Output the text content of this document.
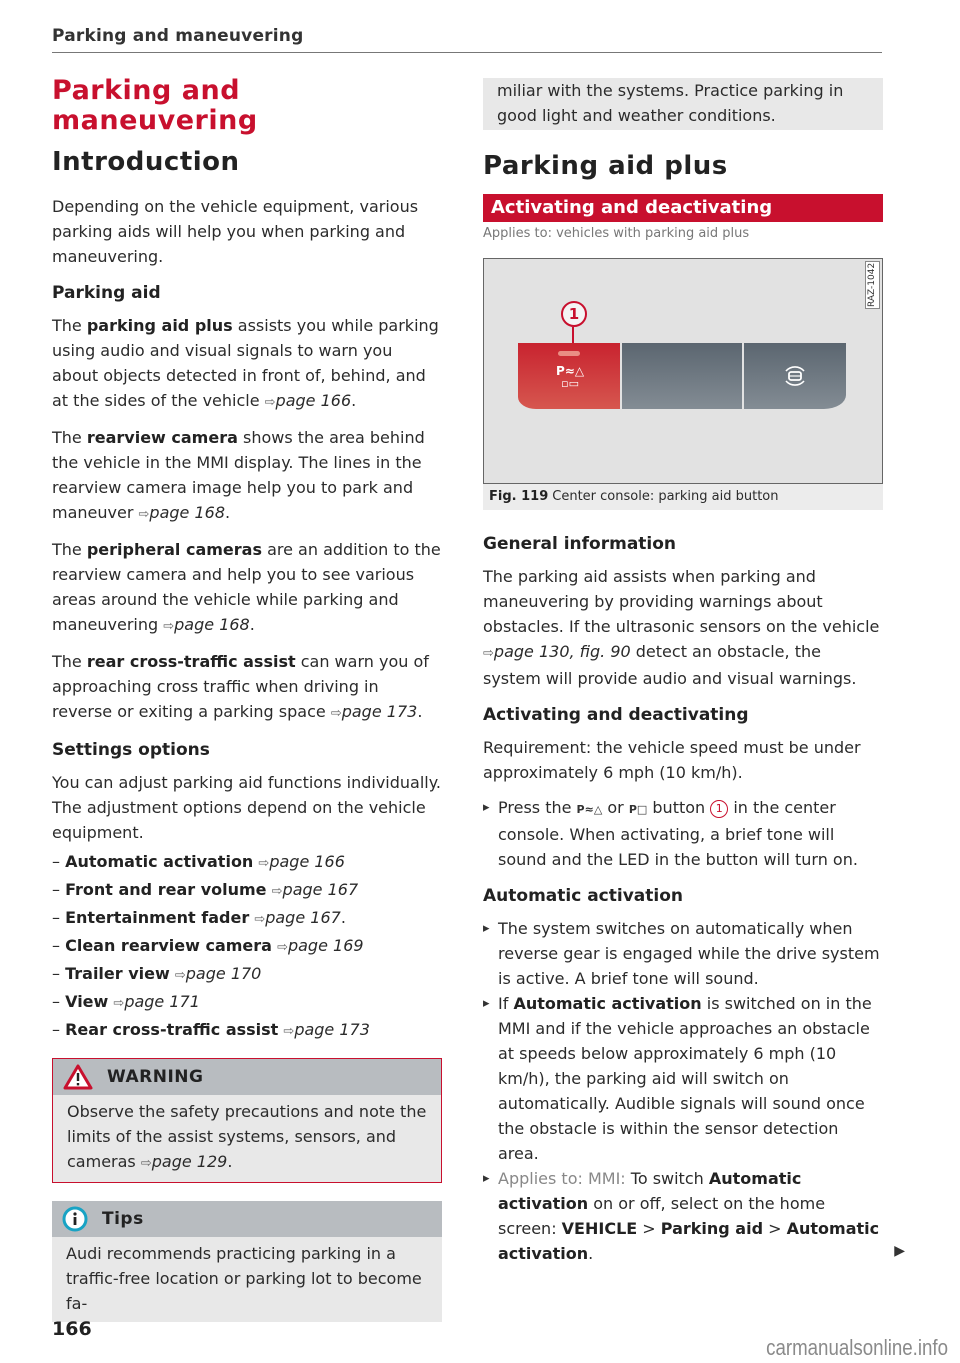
Parking and maneuvering
Parking and maneuvering
Introduction

Depending on the vehicle equipment, various parking aids will help you when parking and maneuvering.

Parking aid

The parking aid plus assists you while parking using audio and visual signals to warn you about objects detected in front of, behind, and at the sides of the vehicle ⇨page 166.

The rearview camera shows the area behind the vehicle in the MMI display. The lines in the rearview camera image help you to park and maneuver ⇨page 168.

The peripheral cameras are an addition to the rearview camera and help you to see various areas around the vehicle while parking and maneuvering ⇨page 168.

The rear cross-traffic assist can warn you of approaching cross traffic when driving in reverse or exiting a parking space ⇨page 173.

Settings options

You can adjust parking aid functions individually. The adjustment options depend on the vehicle equipment.

– Automatic activation ⇨page 166
– Front and rear volume ⇨page 167
– Entertainment fader ⇨page 167.
– Clean rearview camera ⇨page 169
– Trailer view ⇨page 170
– View ⇨page 171
– Rear cross-traffic assist ⇨page 173
WARNING
Observe the safety precautions and note the limits of the assist systems, sensors, and cameras ⇨page 129.
Tips
Audi recommends practicing parking in a traffic-free location or parking lot to become fa-
miliar with the systems. Practice parking in good light and weather conditions.
Parking aid plus
Activating and deactivating
Applies to: vehicles with parking aid plus
RAZ-1042
1
P≈△
▫▭
Fig. 119 Center console: parking aid button
General information

The parking aid assists when parking and maneuvering by providing warnings about obstacles. If the ultrasonic sensors on the vehicle ⇨page 130, fig. 90 detect an obstacle, the system will provide audio and visual warnings.

Activating and deactivating

Requirement: the vehicle speed must be under approximately 6 mph (10 km/h).

▸ Press the P≈△ or P□ button 1 in the center console. When activating, a brief tone will sound and the LED in the button will turn on.
Automatic activation
▸ The system switches on automatically when reverse gear is engaged while the drive system is active. A brief tone will sound.
▸ If Automatic activation is switched on in the MMI and if the vehicle approaches an obstacle at speeds below approximately 6 mph (10 km/h), the parking aid will switch on automatically. Audible signals will sound once the obstacle is within the sensor detection area.
▸ Applies to: MMI: To switch Automatic activation on or off, select on the home screen: VEHICLE > Parking aid > Automatic activation.	▶
166
carmanualsonline.info
